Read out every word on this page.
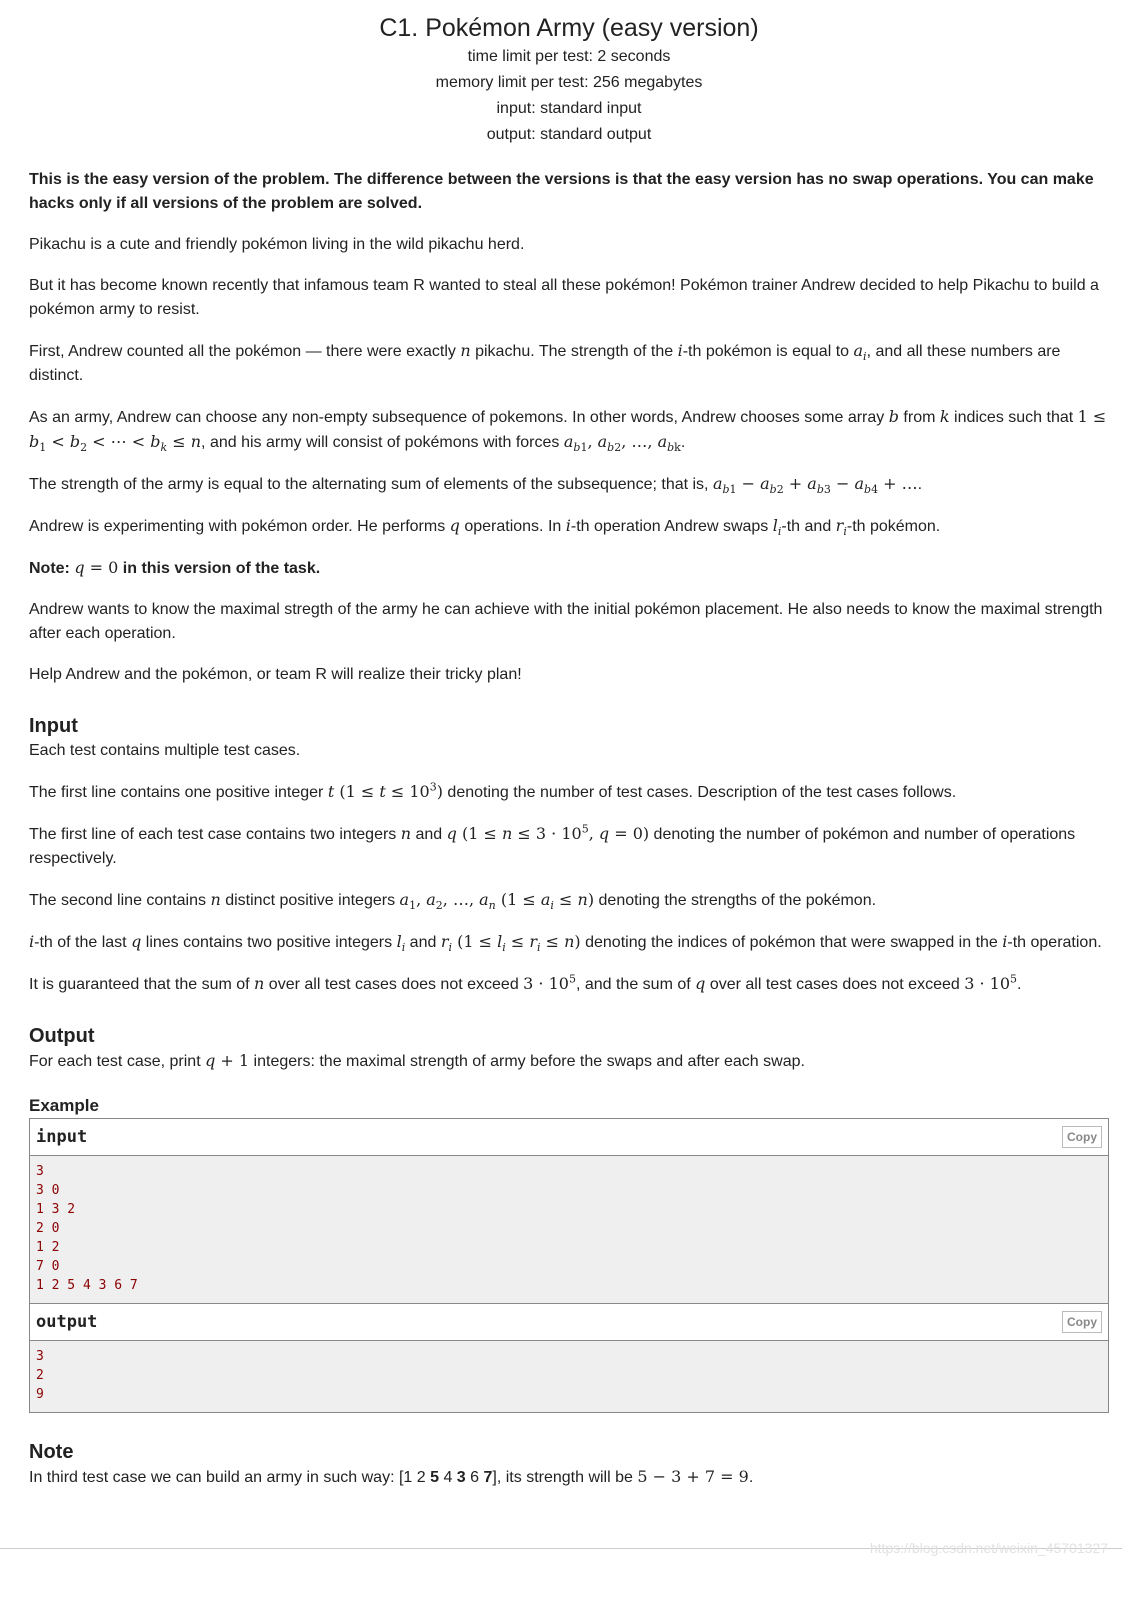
C1. Pokémon Army (easy version)
time limit per test: 2 seconds
memory limit per test: 256 megabytes
input: standard input
output: standard output

This is the easy version of the problem. The difference between the versions is that the easy version has no swap operations. You can make hacks only if all versions of the problem are solved.

Pikachu is a cute and friendly pokémon living in the wild pikachu herd.

But it has become known recently that infamous team R wanted to steal all these pokémon! Pokémon trainer Andrew decided to help Pikachu to build a pokémon army to resist.

First, Andrew counted all the pokémon — there were exactly n pikachu. The strength of the i-th pokémon is equal to $a_i$, and all these numbers are distinct.

As an army, Andrew can choose any non-empty subsequence of pokemons. In other words, Andrew chooses some array b from k indices such that $1 \le b_1 < b_2$ < ⋯ < $b_k \le n$, and his army will consist of pokémons with forces $a_{b1}$, $a_{b2}$, …, $a_{bk}$.

The strength of the army is equal to the alternating sum of elements of the subsequence; that is, $a_{b1} - a_{b2} + a_{b3} - a_{b4}$ + ….

Andrew is experimenting with pokémon order. He performs q operations. In i-th operation Andrew swaps $l_i-th$ and $r_i-th$ pokémon.

Note: q = 0 in this version of the task.

Andrew wants to know the maximal stregth of the army he can achieve with the initial pokémon placement. He also needs to know the maximal strength after each operation.

Help Andrew and the pokémon, or team R will realize their tricky plan!

Input

Each test contains multiple test cases.

The first line contains one positive integer t $(1 \le t \le 10^3)$ denoting the number of test cases. Description of the test cases follows.

The first line of each test case contains two integers n and q ($1 \le n \le 3 \cdot 10^5$, q = 0) denoting the number of pokémon and number of operations respectively.

The second line contains n distinct positive integers $a_1$, $a_2$, …, $a_n$ $(1 \le a_i \le n)$ denoting the strengths of the pokémon.

i-th of the last q lines contains two positive integers $l_i$ and $r_i$ $(1 \le l_i \le r_i \le n)$ denoting the indices of pokémon that were swapped in the i-th operation.

It is guaranteed that the sum of n over all test cases does not exceed $3 \cdot 10^5$, and the sum of q over all test cases does not exceed $3 \cdot 10^5$.

Output

For each test case, print q + 1 integers: the maximal strength of army before the swaps and after each swap.

Example
input	Copy
3
3 0
1 3 2
2 0
1 2
7 0
1 2 5 4 3 6 7
output	Copy
3
2
9
Note

In third test case we can build an army in such way: [1 2 5 4 3 6 7], its strength will be 5 − 3 + 7 = 9.

https://blog.csdn.net/weixin_45701327
